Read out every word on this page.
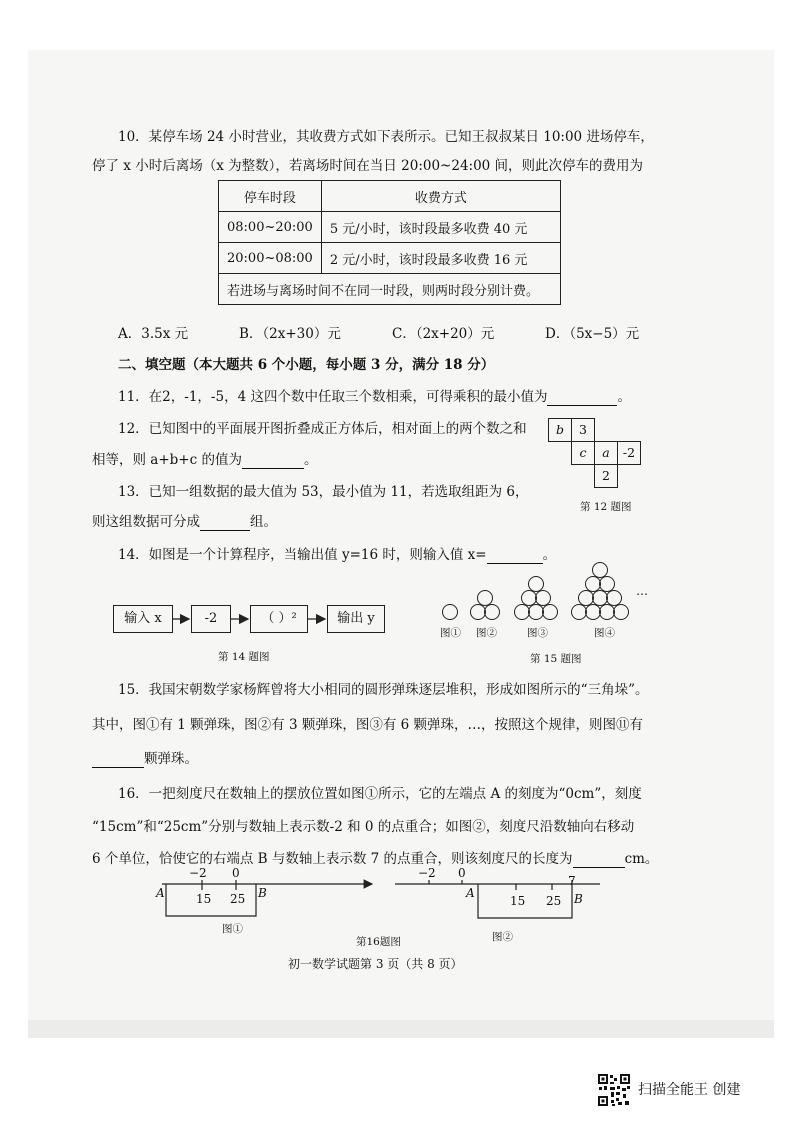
10．某停车场 24 小时营业，其收费方式如下表所示。已知王叔叔某日 10:00 进场停车，
停了 x 小时后离场（x 为整数），若离场时间在当日 20:00~24:00 间，则此次停车的费用为
停车时段	收费方式
08:00~20:00	5 元/小时，该时段最多收费 40 元
20:00~08:00	2 元/小时，该时段最多收费 16 元
若进场与离场时间不在同一时段，则两时段分别计费。	
A．3.5x 元	B．（2x+30）元	C．（2x+20）元	D．（5x−5）元
二、填空题（本大题共 6 个小题，每小题 3 分，满分 18 分）
11．在2，-1，-5，4 这四个数中任取三个数相乘，可得乘积的最小值为	。
12．已知图中的平面展开图折叠成正方体后，相对面上的两个数之和
相等，则 a+b+c 的值为	。
b	3
c	a	-2
2
第 12 题图
13．已知一组数据的最大值为 53，最小值为 11，若选取组距为 6，
则这组数据可分成	组。
14．如图是一个计算程序，当输出值 y=16 时，则输入值 x=	。
输入 x	-2	（ ）²	输出 y
第 14 题图
…
图① 图②	图③	图④
第 15 题图
15．我国宋朝数学家杨辉曾将大小相同的圆形弹珠逐层堆积，形成如图所示的“三角垛”。
其中，图①有 1 颗弹珠，图②有 3 颗弹珠，图③有 6 颗弹珠，…，按照这个规律，则图⑪有
颗弹珠。
16．一把刻度尺在数轴上的摆放位置如图①所示，它的左端点 A 的刻度为“0cm”，刻度
“15cm”和“25cm”分别与数轴上表示数-2 和 0 的点重合；如图②，刻度尺沿数轴向右移动
6 个单位，恰使它的右端点 B 与数轴上表示数 7 的点重合，则该刻度尺的长度为	cm。
−2 0
A	15 25 B
图①
−2 0
7
A
15 25 B
图②
第16题图
初一数学试题第 3 页（共 8 页）
扫描全能王 创建
